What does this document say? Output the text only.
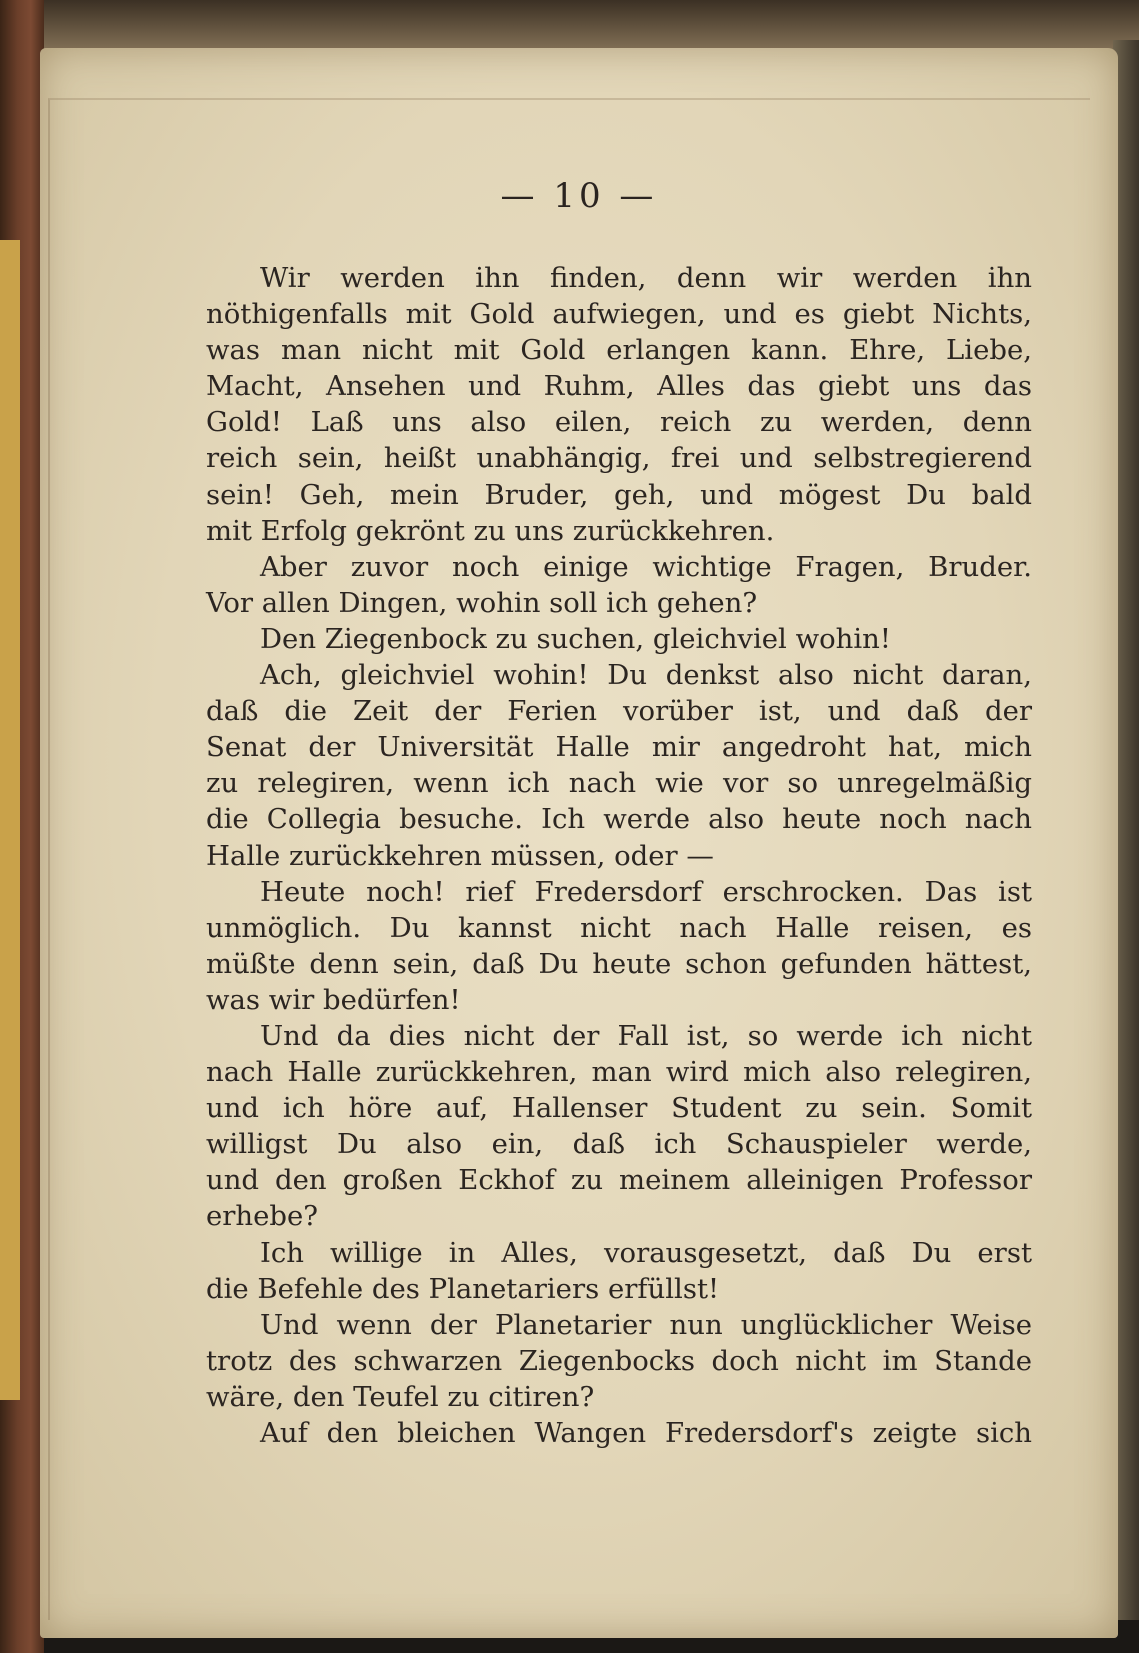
— 10 —
Wir werden ihn finden, denn wir werden ihn
nöthigenfalls mit Gold aufwiegen, und es giebt Nichts,
was man nicht mit Gold erlangen kann. Ehre, Liebe,
Macht, Ansehen und Ruhm, Alles das giebt uns das
Gold! Laß uns also eilen, reich zu werden, denn
reich sein, heißt unabhängig, frei und selbstregierend
sein! Geh, mein Bruder, geh, und mögest Du bald
mit Erfolg gekrönt zu uns zurückkehren.
Aber zuvor noch einige wichtige Fragen, Bruder.
Vor allen Dingen, wohin soll ich gehen?
Den Ziegenbock zu suchen, gleichviel wohin!
Ach, gleichviel wohin! Du denkst also nicht daran,
daß die Zeit der Ferien vorüber ist, und daß der
Senat der Universität Halle mir angedroht hat, mich
zu relegiren, wenn ich nach wie vor so unregelmäßig
die Collegia besuche. Ich werde also heute noch nach
Halle zurückkehren müssen, oder —
Heute noch! rief Fredersdorf erschrocken. Das ist
unmöglich. Du kannst nicht nach Halle reisen, es
müßte denn sein, daß Du heute schon gefunden hättest,
was wir bedürfen!
Und da dies nicht der Fall ist, so werde ich nicht
nach Halle zurückkehren, man wird mich also relegiren,
und ich höre auf, Hallenser Student zu sein. Somit
willigst Du also ein, daß ich Schauspieler werde,
und den großen Eckhof zu meinem alleinigen Professor
erhebe?
Ich willige in Alles, vorausgesetzt, daß Du erst
die Befehle des Planetariers erfüllst!
Und wenn der Planetarier nun unglücklicher Weise
trotz des schwarzen Ziegenbocks doch nicht im Stande
wäre, den Teufel zu citiren?
Auf den bleichen Wangen Fredersdorf's zeigte sich
